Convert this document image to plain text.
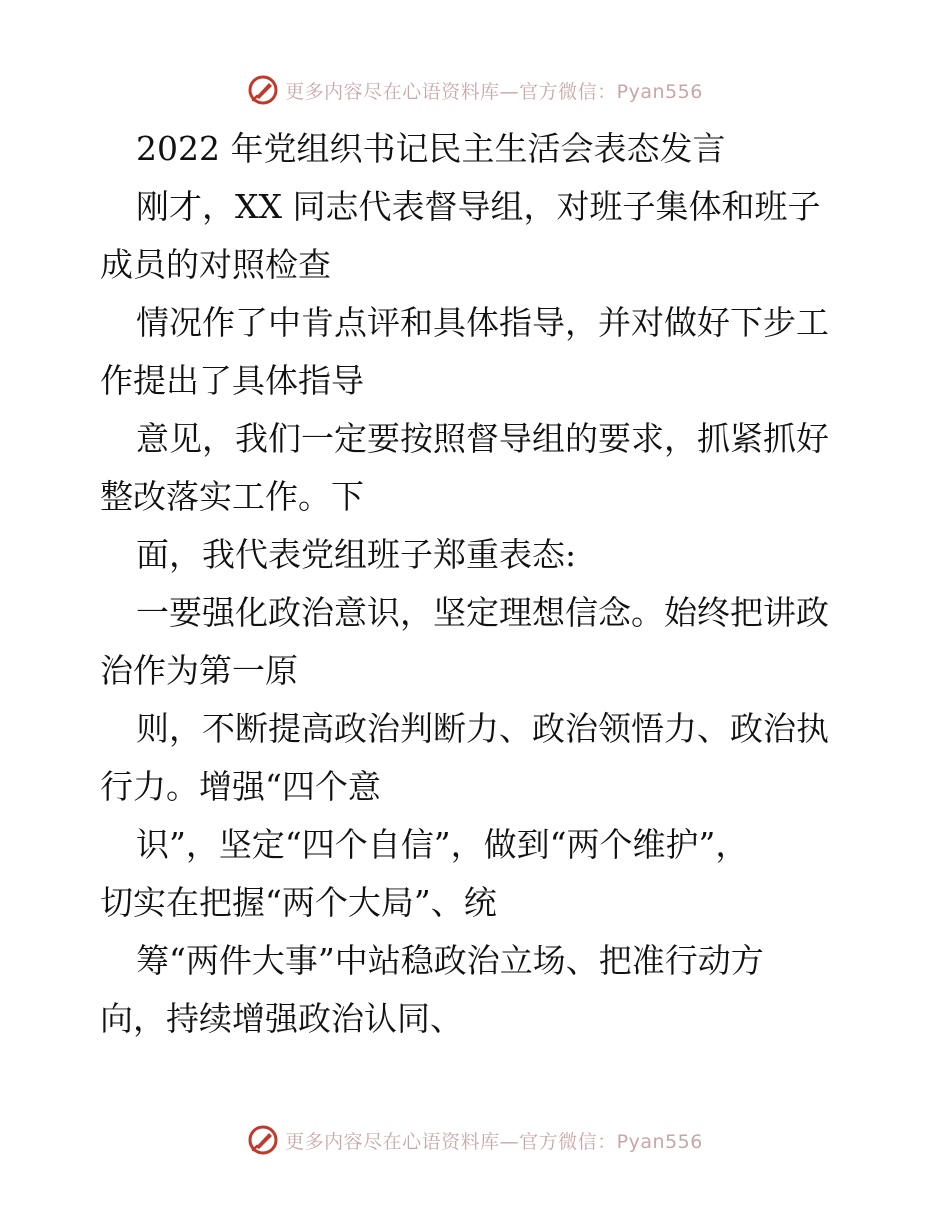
更多内容尽在心语资料库—官方微信：Pyan556
2022 年党组织书记民主生活会表态发言
刚才，XX 同志代表督导组，对班子集体和班子
成员的对照检查
情况作了中肯点评和具体指导，并对做好下步工
作提出了具体指导
意见，我们一定要按照督导组的要求，抓紧抓好
整改落实工作。下
面，我代表党组班子郑重表态:
一要强化政治意识，坚定理想信念。始终把讲政
治作为第一原
则，不断提高政治判断力、政治领悟力、政治执
行力。增强“四个意
识”，坚定“四个自信”，做到“两个维护”，
切实在把握“两个大局”、统
筹“两件大事”中站稳政治立场、把准行动方
向，持续增强政治认同、
更多内容尽在心语资料库—官方微信：Pyan556
